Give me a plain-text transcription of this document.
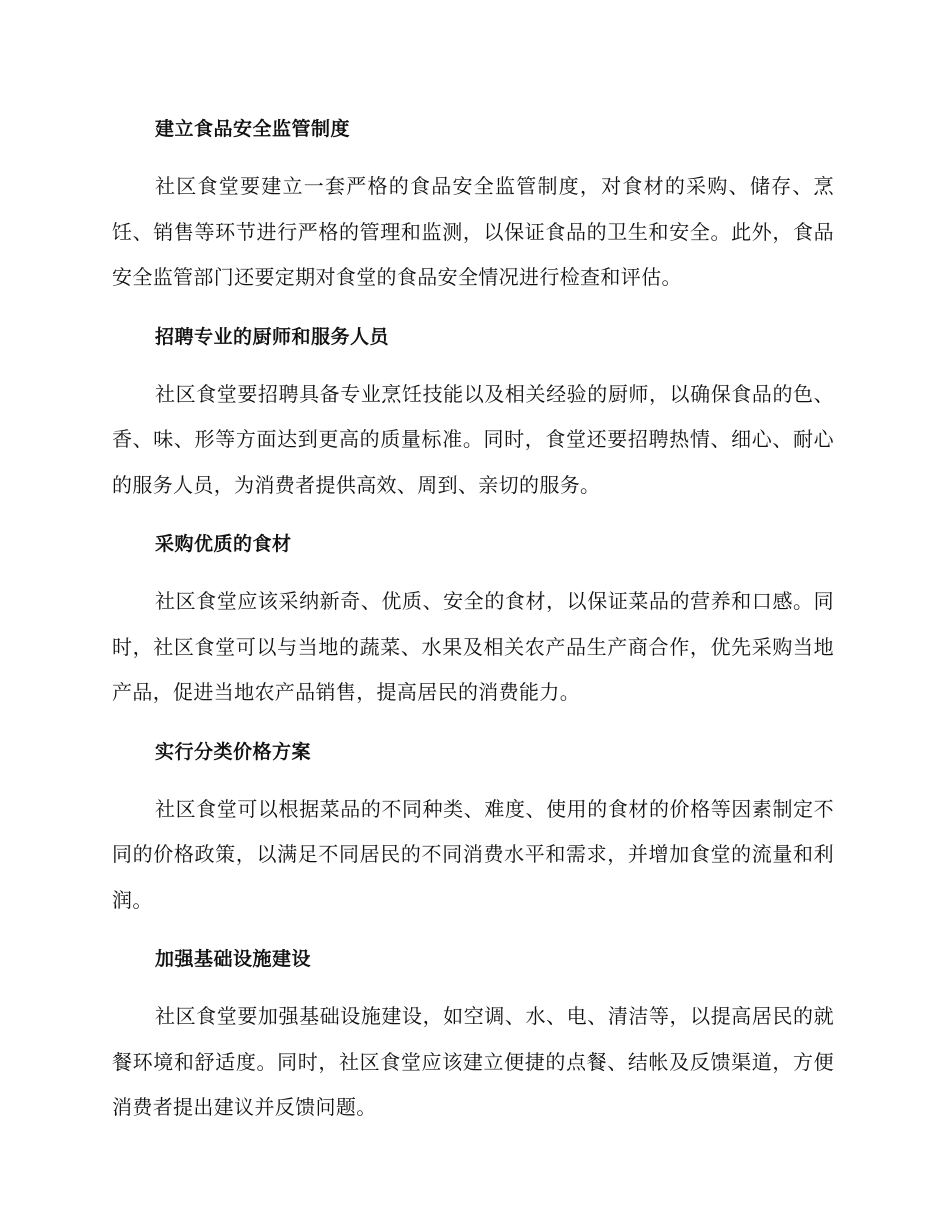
建立食品安全监管制度

社区食堂要建立一套严格的食品安全监管制度，对食材的采购、储存、烹饪、销售等环节进行严格的管理和监测，以保证食品的卫生和安全。此外，食品安全监管部门还要定期对食堂的食品安全情况进行检查和评估。

招聘专业的厨师和服务人员

社区食堂要招聘具备专业烹饪技能以及相关经验的厨师，以确保食品的色、香、味、形等方面达到更高的质量标准。同时，食堂还要招聘热情、细心、耐心的服务人员，为消费者提供高效、周到、亲切的服务。

采购优质的食材

社区食堂应该采纳新奇、优质、安全的食材，以保证菜品的营养和口感。同时，社区食堂可以与当地的蔬菜、水果及相关农产品生产商合作，优先采购当地产品，促进当地农产品销售，提高居民的消费能力。

实行分类价格方案

社区食堂可以根据菜品的不同种类、难度、使用的食材的价格等因素制定不同的价格政策，以满足不同居民的不同消费水平和需求，并增加食堂的流量和利润。

加强基础设施建设

社区食堂要加强基础设施建设，如空调、水、电、清洁等，以提高居民的就餐环境和舒适度。同时，社区食堂应该建立便捷的点餐、结帐及反馈渠道，方便消费者提出建议并反馈问题。
